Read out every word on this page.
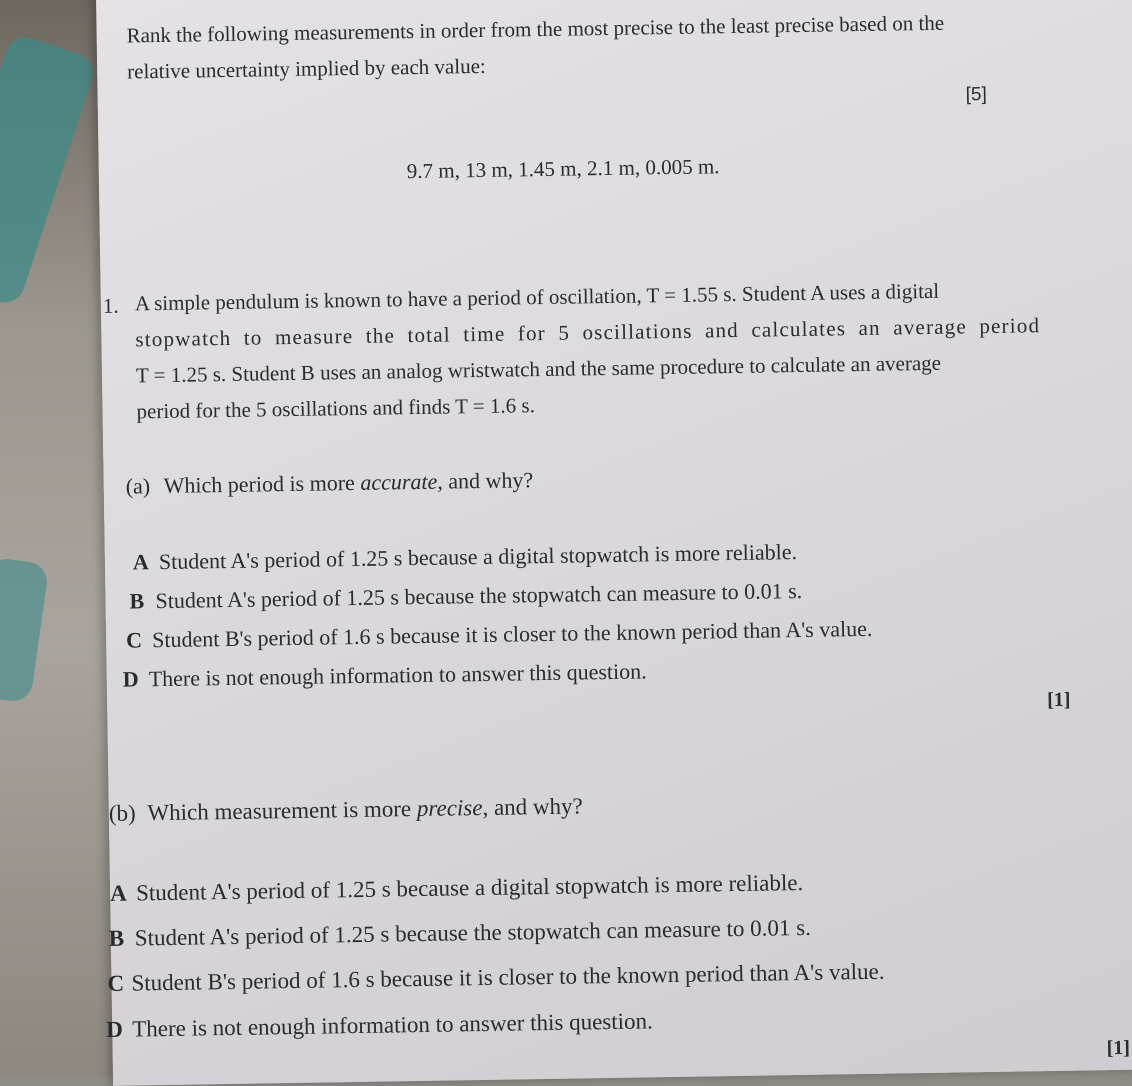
Rank the following measurements in order from the most precise to the least precise based on the
relative uncertainty implied by each value:
[5]
9.7 m, 13 m, 1.45 m, 2.1 m, 0.005 m.
1. A simple pendulum is known to have a period of oscillation, T = 1.55 s. Student A uses a digital
stopwatch to measure the total time for 5 oscillations and calculates an average period
T = 1.25 s. Student B uses an analog wristwatch and the same procedure to calculate an average
period for the 5 oscillations and finds T = 1.6 s.
(a) Which period is more accurate, and why?
A Student A's period of 1.25 s because a digital stopwatch is more reliable.
B Student A's period of 1.25 s because the stopwatch can measure to 0.01 s.
C Student B's period of 1.6 s because it is closer to the known period than A's value.
D There is not enough information to answer this question.
[1]
(b) Which measurement is more precise, and why?
A Student A's period of 1.25 s because a digital stopwatch is more reliable.
B Student A's period of 1.25 s because the stopwatch can measure to 0.01 s.
C Student B's period of 1.6 s because it is closer to the known period than A's value.
D There is not enough information to answer this question.
[1]
